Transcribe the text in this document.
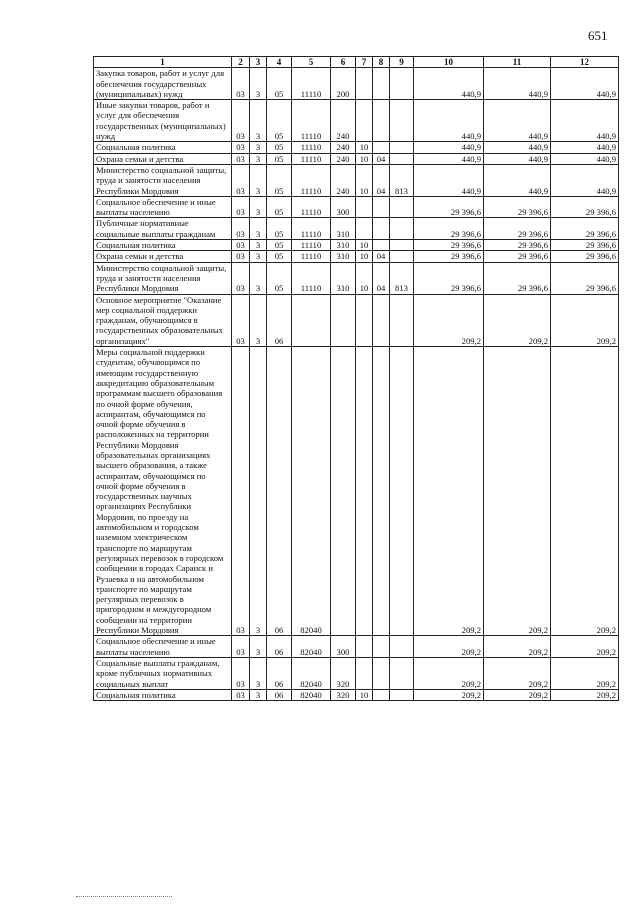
651
1	2	3	4	5	6	7	8	9	10	11	12
Закупка товаров, работ и услуг для обеспечения государственных (муниципальных) нужд	03	3	05	11110	200				440,9	440,9	440,9
Иные закупки товаров, работ и услуг для обеспечения государственных (муниципальных) нужд	03	3	05	11110	240				440,9	440,9	440,9
Социальная политика	03	3	05	11110	240	10			440,9	440,9	440,9
Охрана семьи и детства	03	3	05	11110	240	10	04		440,9	440,9	440,9
Министерство социальной защиты, труда и занятости населения Республики Мордовия	03	3	05	11110	240	10	04	813	440,9	440,9	440,9
Социальное обеспечение и иные выплаты населению	03	3	05	11110	300				29 396,6	29 396,6	29 396,6
Публичные нормативные социальные выплаты гражданам	03	3	05	11110	310				29 396,6	29 396,6	29 396,6
Социальная политика	03	3	05	11110	310	10			29 396,6	29 396,6	29 396,6
Охрана семьи и детства	03	3	05	11110	310	10	04		29 396,6	29 396,6	29 396,6
Министерство социальной защиты, труда и занятости населения Республики Мордовия	03	3	05	11110	310	10	04	813	29 396,6	29 396,6	29 396,6
Основное мероприятие "Оказание мер социальной поддержки гражданам, обучающимся в государственных образовательных организациях"	03	3	06						209,2	209,2	209,2
Меры социальной поддержки студентам, обучающимся по имеющим государственную аккредитацию образовательным программам высшего образования по очной форме обучения, аспирантам, обучающимся по очной форме обучения в расположенных на территории Республики Мордовия образовательных организациях высшего образования, а также аспирантам, обучающимся по очной форме обучения в государственных научных организациях Республики Мордовия, по проезду на автомобильном и городском наземном электрическом транспорте по маршрутам регулярных перевозок в городском сообщении в городах Саранск и Рузаевка и на автомобильном транспорте по маршрутам регулярных перевозок в пригородном и междугородном сообщении на территории Республики Мордовия	03	3	06	82040					209,2	209,2	209,2
Социальное обеспечение и иные выплаты населению	03	3	06	82040	300				209,2	209,2	209,2
Социальные выплаты гражданам, кроме публичных нормативных социальных выплат	03	3	06	82040	320				209,2	209,2	209,2
Социальная политика	03	3	06	82040	320	10			209,2	209,2	209,2
